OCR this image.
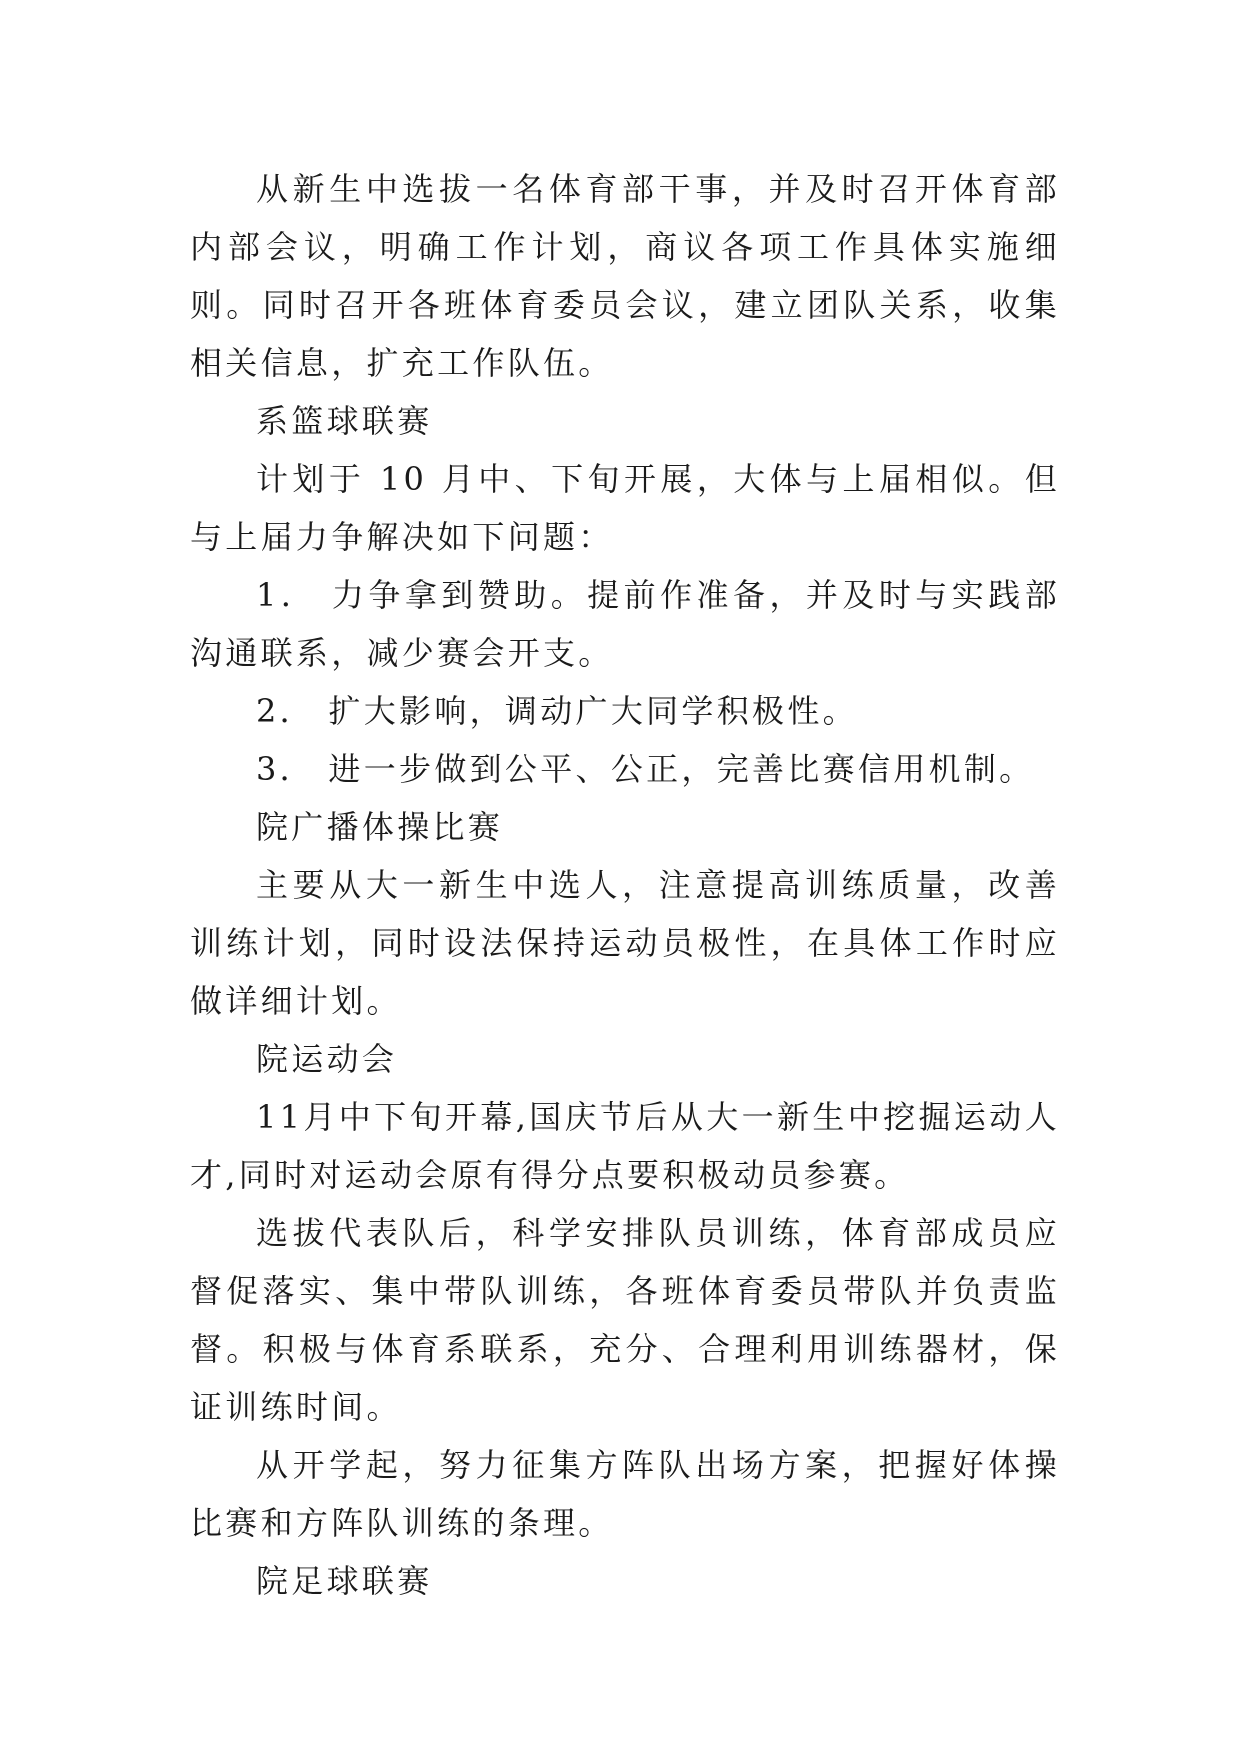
从新生中选拔一名体育部干事，并及时召开体育部内部会议，明确工作计划，商议各项工作具体实施细则。同时召开各班体育委员会议，建立团队关系，收集相关信息，扩充工作队伍。

系篮球联赛

计划于 10 月中、下旬开展，大体与上届相似。但与上届力争解决如下问题：

1． 力争拿到赞助。提前作准备，并及时与实践部沟通联系，减少赛会开支。

2． 扩大影响，调动广大同学积极性。

3． 进一步做到公平、公正，完善比赛信用机制。

院广播体操比赛

主要从大一新生中选人，注意提高训练质量，改善训练计划，同时设法保持运动员极性，在具体工作时应做详细计划。

院运动会

11月中下旬开幕,国庆节后从大一新生中挖掘运动人才,同时对运动会原有得分点要积极动员参赛。

选拔代表队后，科学安排队员训练，体育部成员应督促落实、集中带队训练，各班体育委员带队并负责监督。积极与体育系联系，充分、合理利用训练器材，保证训练时间。

从开学起，努力征集方阵队出场方案，把握好体操比赛和方阵队训练的条理。

院足球联赛
